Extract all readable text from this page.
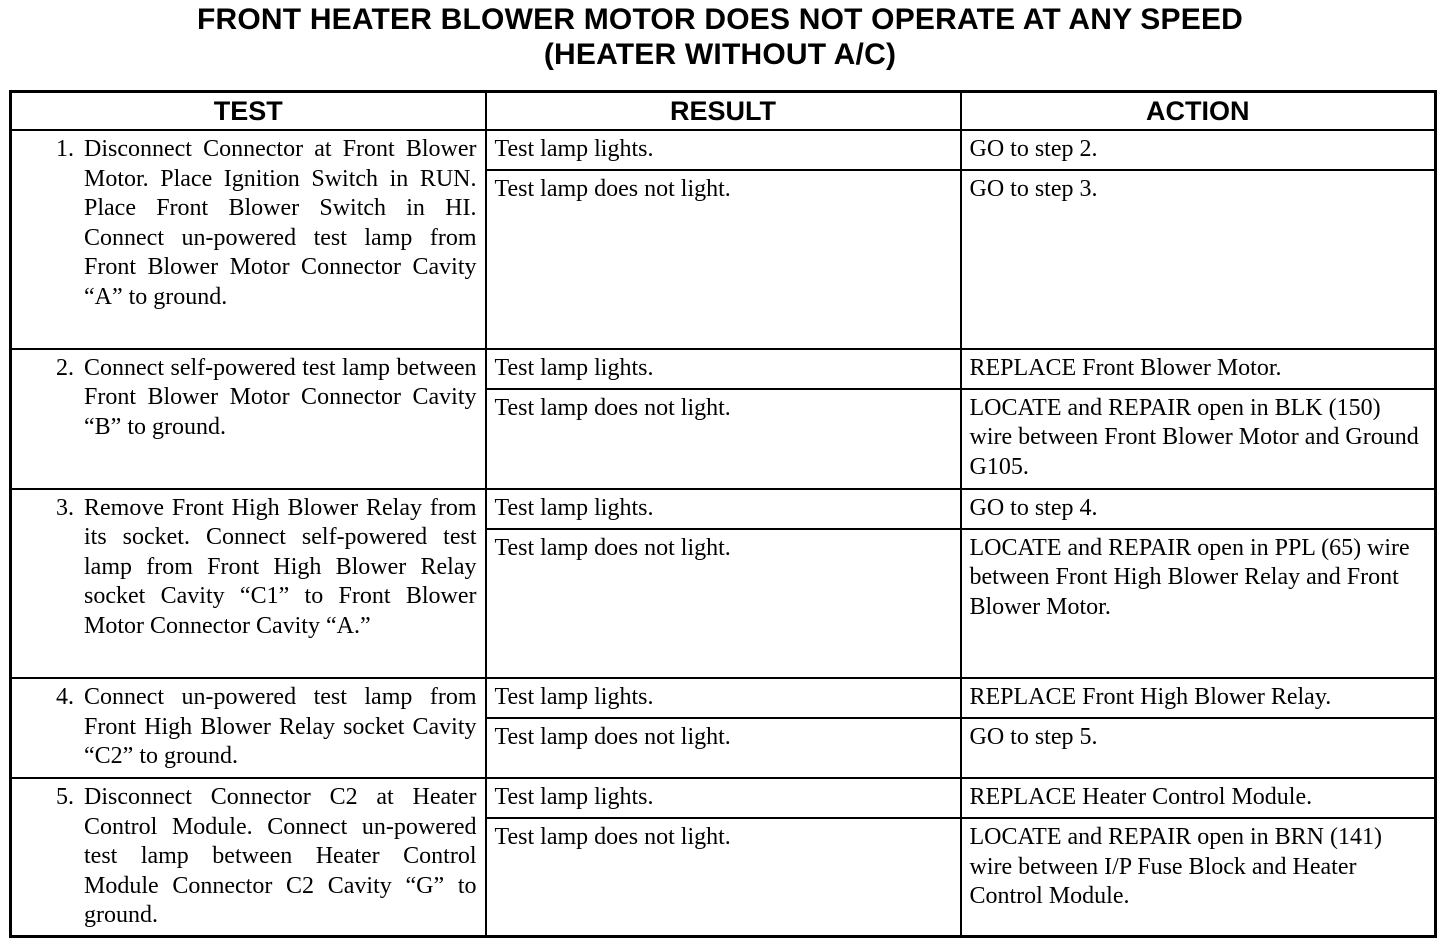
FRONT HEATER BLOWER MOTOR DOES NOT OPERATE AT ANY SPEED
(HEATER WITHOUT A/C)
TEST	RESULT	ACTION

1. Disconnect Connector at Front Blower Motor. Place Ignition Switch in RUN. Place Front Blower Switch in HI. Connect un-powered test lamp from Front Blower Motor Connector Cavity “A” to ground.	Test lamp lights.	GO to step 2.

	Test lamp does not light.	GO to step 3.

2. Connect self-powered test lamp between Front Blower Motor Connector Cavity “B” to ground.	Test lamp lights.	REPLACE Front Blower Motor.

	Test lamp does not light.	LOCATE and REPAIR open in BLK (150) wire between Front Blower Motor and Ground G105.

3. Remove Front High Blower Relay from its socket. Connect self-powered test lamp from Front High Blower Relay socket Cavity “C1” to Front Blower Motor Connector Cavity “A.”	Test lamp lights.	GO to step 4.

	Test lamp does not light.	LOCATE and REPAIR open in PPL (65) wire between Front High Blower Relay and Front Blower Motor.

4. Connect un-powered test lamp from Front High Blower Relay socket Cavity “C2” to ground.	Test lamp lights.	REPLACE Front High Blower Relay.

	Test lamp does not light.	GO to step 5.

5. Disconnect Connector C2 at Heater Control Module. Connect un-powered test lamp between Heater Control Module Connector C2 Cavity “G” to ground.	Test lamp lights.	REPLACE Heater Control Module.

	Test lamp does not light.	LOCATE and REPAIR open in BRN (141) wire between I/P Fuse Block and Heater Control Module.
